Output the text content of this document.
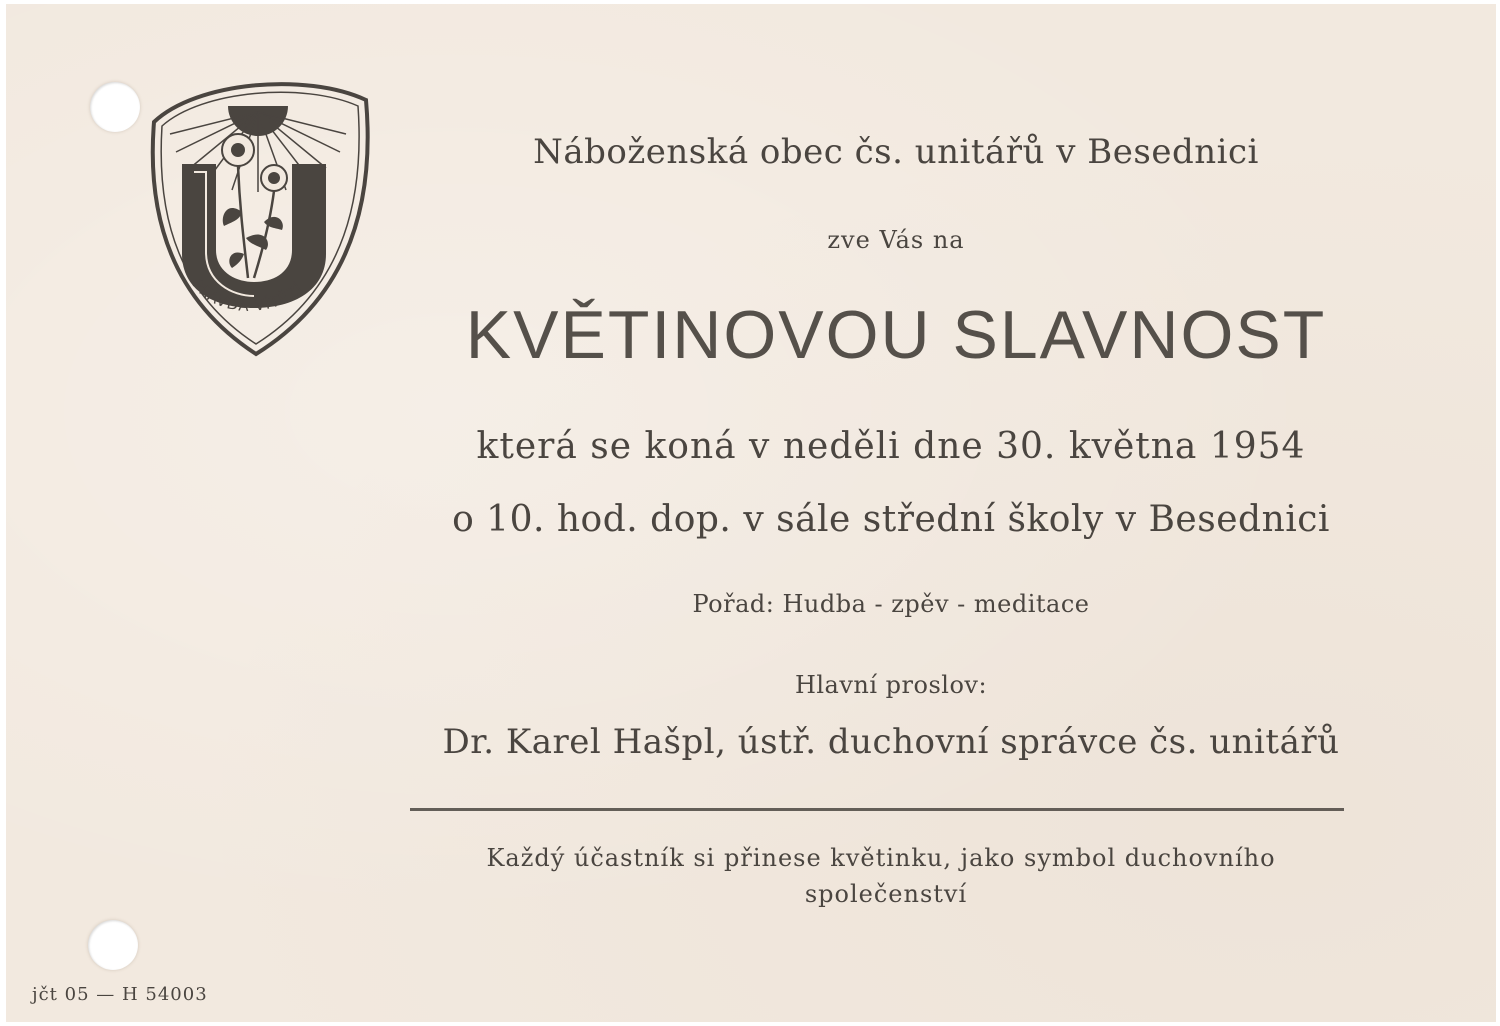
PRAVDA VÍTĚZÍ
Náboženská obec čs. unitářů v Besednici
zve Vás na
KVĚTINOVOU SLAVNOST
která se koná v neděli dne 30. května 1954
o 10. hod. dop. v sále střední školy v Besednici
Pořad: Hudba - zpěv - meditace
Hlavní proslov:
Dr. Karel Hašpl, ústř. duchovní správce čs. unitářů
Každý účastník si přinese květinku, jako symbol duchovního
společenství
jčt 05 — H 54003
